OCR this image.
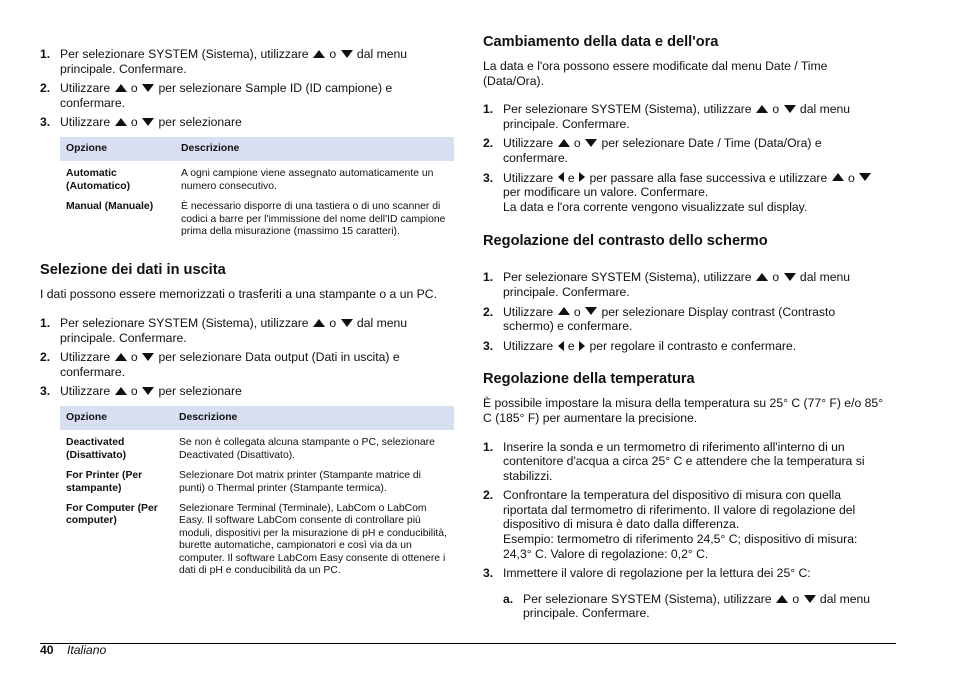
1. Per selezionare SYSTEM (Sistema), utilizzare o dal menu principale. Confermare.
2. Utilizzare o per selezionare Sample ID (ID campione) e confermare.
3. Utilizzare o per selezionare
Opzione	Descrizione
Automatic (Automatico)	A ogni campione viene assegnato automaticamente un numero consecutivo.
Manual (Manuale)	È necessario disporre di una tastiera o di uno scanner di codici a barre per l'immissione del nome dell'ID campione prima della misurazione (massimo 15 caratteri).
Selezione dei dati in uscita

I dati possono essere memorizzati o trasferiti a una stampante o a un PC.

1. Per selezionare SYSTEM (Sistema), utilizzare o dal menu principale. Confermare.
2. Utilizzare o per selezionare Data output (Dati in uscita) e confermare.
3. Utilizzare o per selezionare
Opzione	Descrizione
Deactivated (Disattivato)	Se non è collegata alcuna stampante o PC, selezionare Deactivated (Disattivato).
For Printer (Per stampante)	Selezionare Dot matrix printer (Stampante matrice di punti) o Thermal printer (Stampante termica).
For Computer (Per computer)	Selezionare Terminal (Terminale), LabCom o LabCom Easy. Il software LabCom consente di controllare più moduli, dispositivi per la misurazione di pH e conducibilità, burette automatiche, campionatori e così via da un computer. Il software LabCom Easy consente di ottenere i dati di pH e conducibilità da un PC.
Cambiamento della data e dell'ora

La data e l'ora possono essere modificate dal menu Date / Time (Data/Ora).

1. Per selezionare SYSTEM (Sistema), utilizzare o dal menu principale. Confermare.
2. Utilizzare o per selezionare Date / Time (Data/Ora) e confermare.
3. Utilizzare e per passare alla fase successiva e utilizzare o  per modificare un valore. Confermare.
La data e l'ora corrente vengono visualizzate sul display.
Regolazione del contrasto dello schermo
1. Per selezionare SYSTEM (Sistema), utilizzare o dal menu principale. Confermare.
2. Utilizzare o per selezionare Display contrast (Contrasto schermo) e confermare.
3. Utilizzare e per regolare il contrasto e confermare.
Regolazione della temperatura

È possibile impostare la misura della temperatura su 25° C (77° F) e/o 85° C (185° F) per aumentare la precisione.

1. Inserire la sonda e un termometro di riferimento all'interno di un contenitore d'acqua a circa 25° C e attendere che la temperatura si stabilizzi.
2. Confrontare la temperatura del dispositivo di misura con quella riportata dal termometro di riferimento. Il valore di regolazione del dispositivo di misura è dato dalla differenza.
Esempio: termometro di riferimento 24,5° C; dispositivo di misura: 24,3° C. Valore di regolazione: 0,2° C.
3. Immettere il valore di regolazione per la lettura dei 25° C:
a. Per selezionare SYSTEM (Sistema), utilizzare o dal menu principale. Confermare.
40 Italiano
